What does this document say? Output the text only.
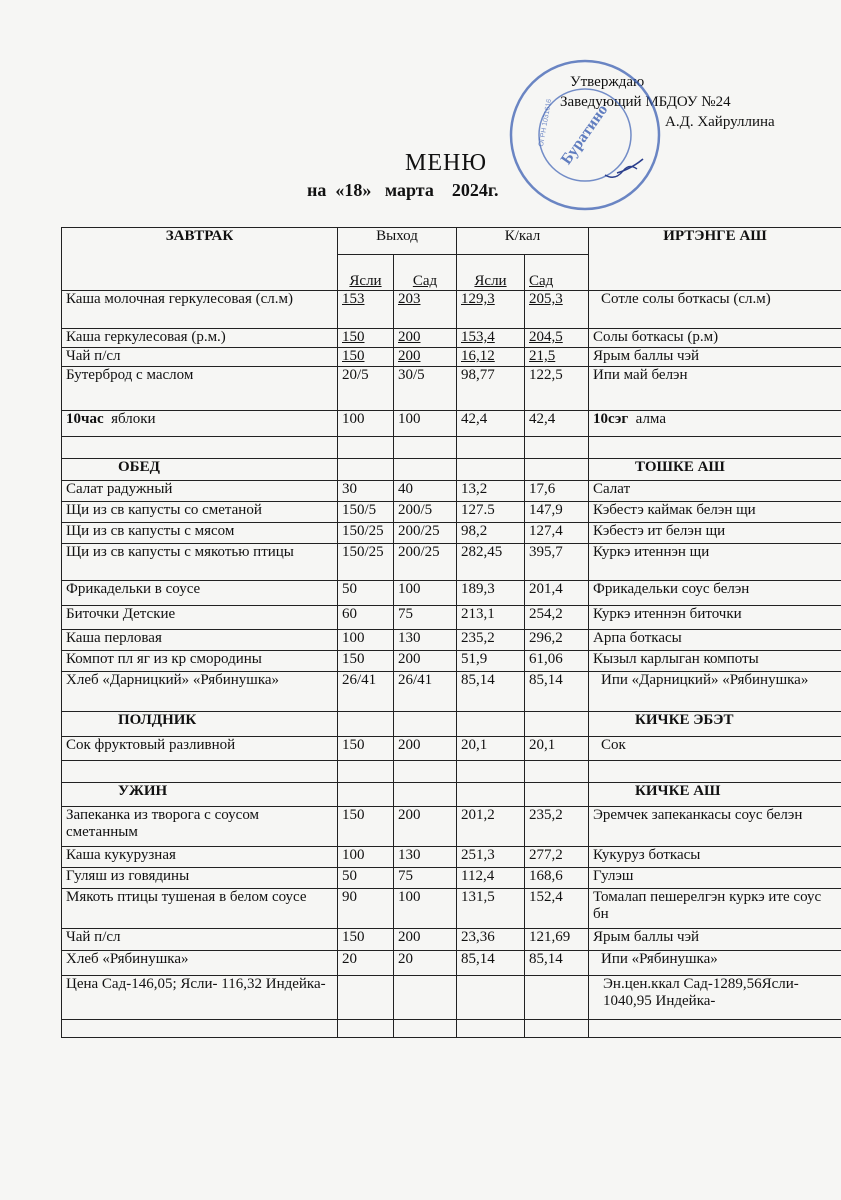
Утверждаю
Заведующий МБДОУ №24
А.Д. Хайруллина
Буратино
ОГРН 1031616
МЕНЮ
на  «18»   марта    2024г.
ЗАВТРАК	Выход		К/кал		ИРТЭНГЕ АШ
	Ясли	Сад	Ясли	Сад	
Каша молочная геркулесовая (сл.м)	153	203	129,3	205,3	Сотле солы боткасы (сл.м)
Каша геркулесовая (р.м.)	150	200	153,4	204,5	Солы боткасы (р.м)
Чай п/сл	150	200	16,12	21,5	Ярым баллы чэй
Бутерброд с маслом	20/5	30/5	98,77	122,5	Ипи май белэн
10час яблоки	100	100	42,4	42,4	10сэг алма

ОБЕД					ТОШКЕ АШ
Салат радужный	30	40	13,2	17,6	Салат
Щи из св капусты со сметаной	150/5	200/5	127.5	147,9	Кэбестэ каймак белэн щи
Щи из св капусты с мясом	150/25	200/25	98,2	127,4	Кэбестэ ит белэн щи
Щи из св капусты с мякотью птицы	150/25	200/25	282,45	395,7	Куркэ итеннэн щи
Фрикадельки в соусе	50	100	189,3	201,4	Фрикадельки соус белэн
Биточки Детские	60	75	213,1	254,2	Куркэ итеннэн биточки
Каша перловая	100	130	235,2	296,2	Арпа боткасы
Компот пл яг из кр смородины	150	200	51,9	61,06	Кызыл карлыган компоты
Хлеб «Дарницкий» «Рябинушка»	26/41	26/41	85,14	85,14	Ипи «Дарницкий» «Рябинушка»
ПОЛДНИК					КИЧКЕ ЭБЭТ
Сок фруктовый разливной	150	200	20,1	20,1	Сок

УЖИН					КИЧКЕ АШ
Запеканка из творога с соусом сметанным	150	200	201,2	235,2	Эремчек запеканкасы соус белэн
Каша кукурузная	100	130	251,3	277,2	Кукуруз боткасы
Гуляш из говядины	50	75	112,4	168,6	Гулэш
Мякоть птицы тушеная в белом соусе	90	100	131,5	152,4	Томалап пешерелгэн куркэ ите соус бн
Чай п/сл	150	200	23,36	121,69	Ярым баллы чэй
Хлеб «Рябинушка»	20	20	85,14	85,14	Ипи «Рябинушка»
Цена Сад-146,05; Ясли- 116,32 Индейка-					Эн.цен.ккал Сад-1289,56Ясли- 1040,95 Индейка-
